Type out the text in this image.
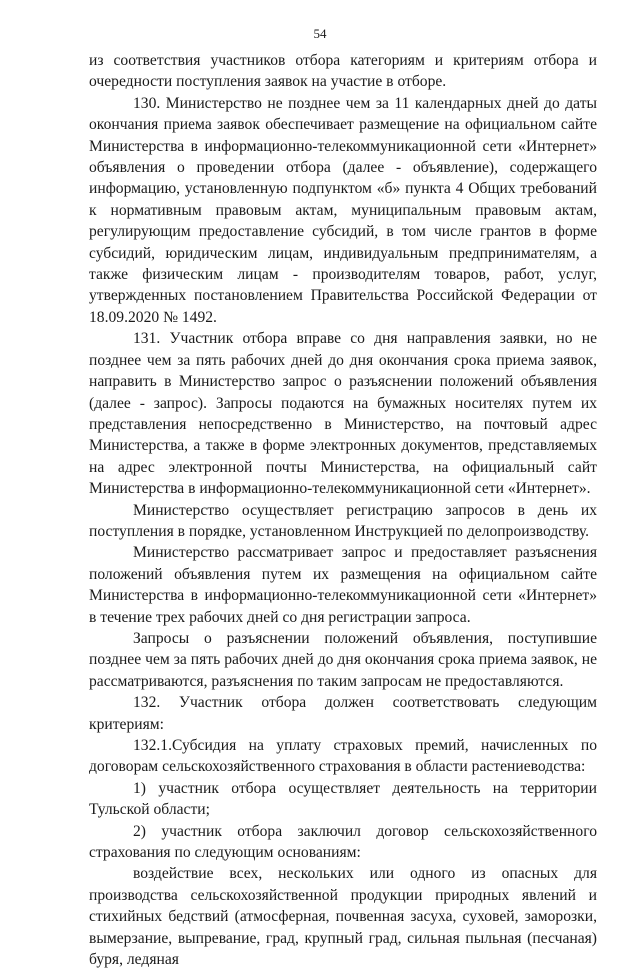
54

из соответствия участников отбора категориям и критериям отбора и очередности поступления заявок на участие в отборе.

130. Министерство не позднее чем за 11 календарных дней до даты окончания приема заявок обеспечивает размещение на официальном сайте Министерства в информационно-телекоммуникационной сети «Интернет» объявления о проведении отбора (далее - объявление), содержащего информацию, установленную подпунктом «б» пункта 4 Общих требований к нормативным правовым актам, муниципальным правовым актам, регулирующим предоставление субсидий, в том числе грантов в форме субсидий, юридическим лицам, индивидуальным предпринимателям, а также физическим лицам - производителям товаров, работ, услуг, утвержденных постановлением Правительства Российской Федерации от 18.09.2020 № 1492.

131. Участник отбора вправе со дня направления заявки, но не позднее чем за пять рабочих дней до дня окончания срока приема заявок, направить в Министерство запрос о разъяснении положений объявления (далее - запрос). Запросы подаются на бумажных носителях путем их представления непосредственно в Министерство, на почтовый адрес Министерства, а также в форме электронных документов, представляемых на адрес электронной почты Министерства, на официальный сайт Министерства в информационно-телекоммуникационной сети «Интернет».

Министерство осуществляет регистрацию запросов в день их поступления в порядке, установленном Инструкцией по делопроизводству.

Министерство рассматривает запрос и предоставляет разъяснения положений объявления путем их размещения на официальном сайте Министерства в информационно-телекоммуникационной сети «Интернет» в течение трех рабочих дней со дня регистрации запроса.

Запросы о разъяснении положений объявления, поступившие позднее чем за пять рабочих дней до дня окончания срока приема заявок, не рассматриваются, разъяснения по таким запросам не предоставляются.

132. Участник отбора должен соответствовать следующим критериям:

132.1.Субсидия на уплату страховых премий, начисленных по договорам сельскохозяйственного страхования в области растениеводства:

1) участник отбора осуществляет деятельность на территории Тульской области;

2) участник отбора заключил договор сельскохозяйственного страхования по следующим основаниям:

воздействие всех, нескольких или одного из опасных для производства сельскохозяйственной продукции природных явлений и стихийных бедствий (атмосферная, почвенная засуха, суховей, заморозки, вымерзание, выпревание, град, крупный град, сильная пыльная (песчаная) буря, ледяная
